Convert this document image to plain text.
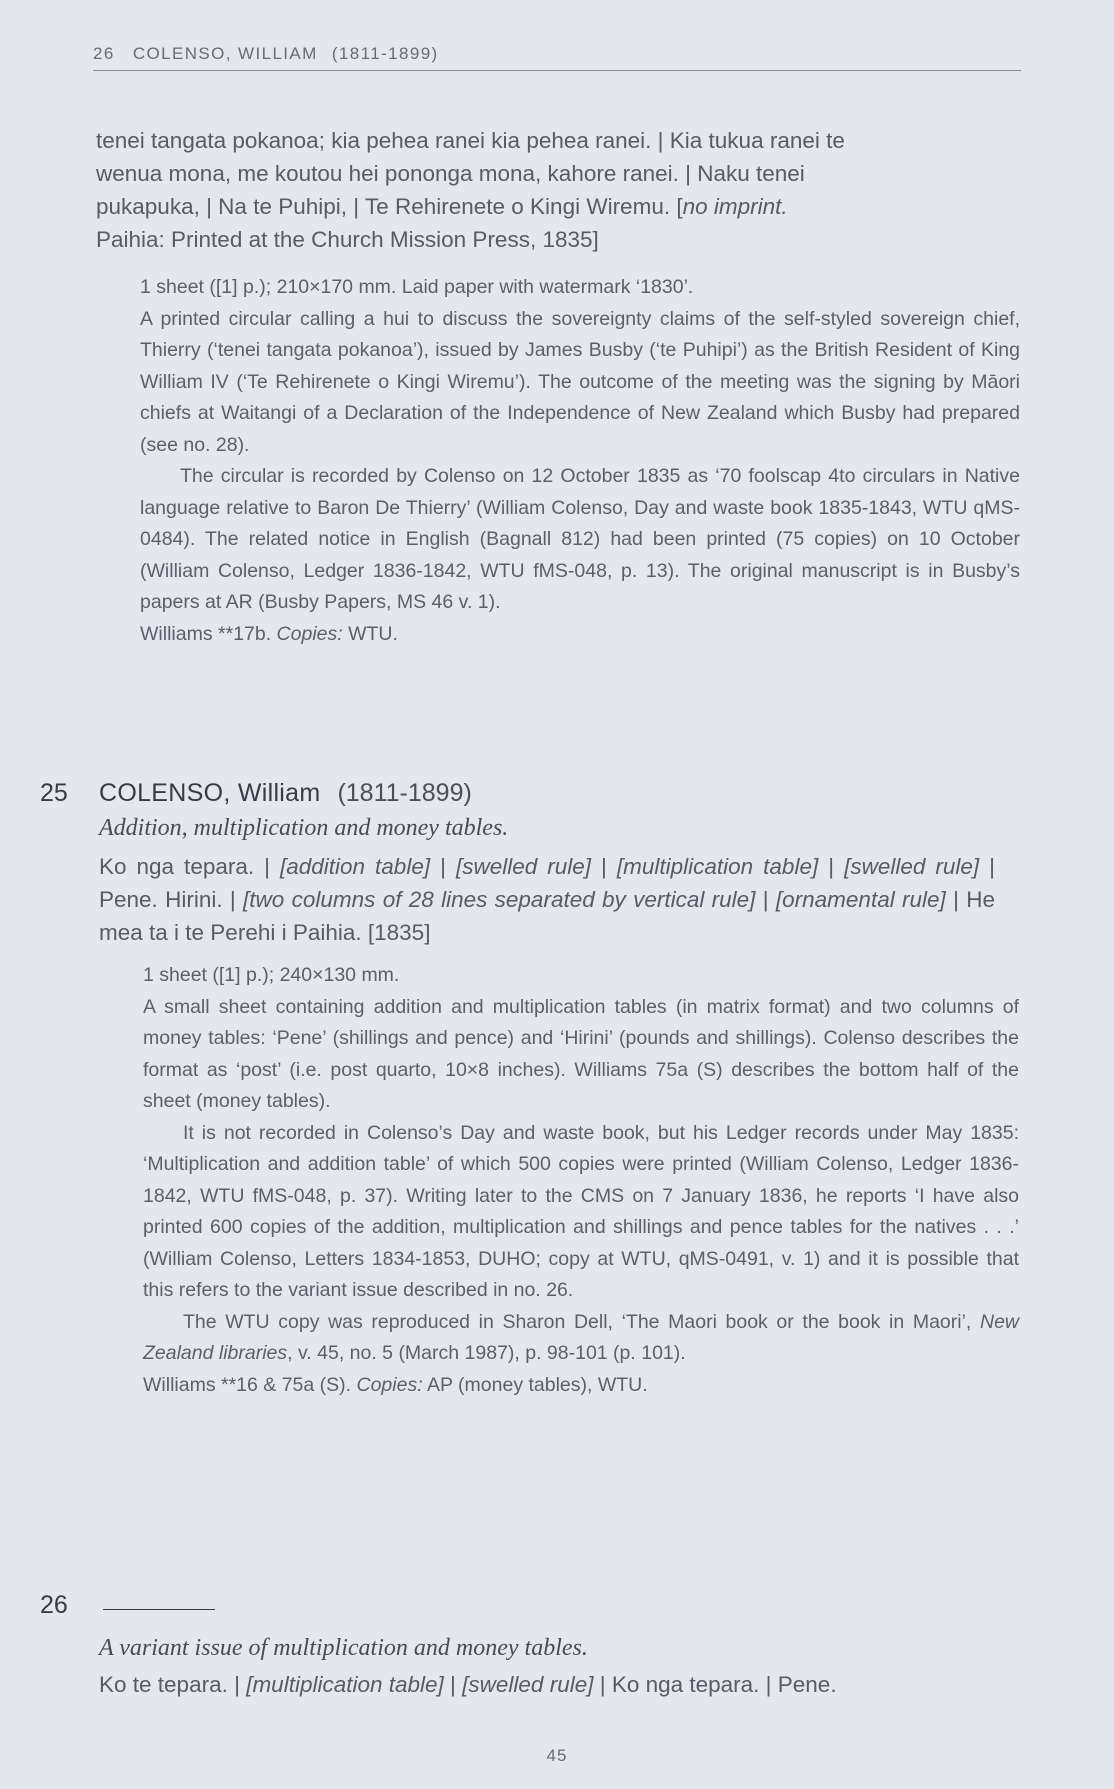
26 COLENSO, WILLIAM (1811-1899)
tenei tangata pokanoa; kia pehea ranei kia pehea ranei. | Kia tukua ranei te
wenua mona, me koutou hei pononga mona, kahore ranei. | Naku tenei
pukapuka, | Na te Puhipi, | Te Rehirenete o Kingi Wiremu. [no imprint.
Paihia: Printed at the Church Mission Press, 1835]

1 sheet ([1] p.); 210×170 mm. Laid paper with watermark ‘1830’.

A printed circular calling a hui to discuss the sovereignty claims of the self-styled sovereign chief, Thierry (‘tenei tangata pokanoa’), issued by James Busby (‘te Puhipi’) as the British Resident of King William IV (‘Te Rehirenete o Kingi Wiremu’). The outcome of the meeting was the signing by Māori chiefs at Waitangi of a Declaration of the Independence of New Zealand which Busby had prepared (see no. 28).

The circular is recorded by Colenso on 12 October 1835 as ‘70 foolscap 4to circulars in Native language relative to Baron De Thierry’ (William Colenso, Day and waste book 1835-1843, WTU qMS-0484). The related notice in English (Bagnall 812) had been printed (75 copies) on 10 October (William Colenso, Ledger 1836-1842, WTU fMS-048, p. 13). The original manuscript is in Busby’s papers at AR (Busby Papers, MS 46 v. 1).

Williams **17b. Copies: WTU.

25 COLENSO, William (1811-1899)
Addition, multiplication and money tables.
Ko nga tepara. | [addition table] | [swelled rule] | [multiplication table] | [swelled rule] | Pene. Hirini. | [two columns of 28 lines separated by vertical rule] | [ornamental rule] | He mea ta i te Perehi i Paihia. [1835]

1 sheet ([1] p.); 240×130 mm.

A small sheet containing addition and multiplication tables (in matrix format) and two columns of money tables: ‘Pene’ (shillings and pence) and ‘Hirini’ (pounds and shillings). Colenso describes the format as ‘post’ (i.e. post quarto, 10×8 inches). Williams 75a (S) describes the bottom half of the sheet (money tables).

It is not recorded in Colenso’s Day and waste book, but his Ledger records under May 1835: ‘Multiplication and addition table’ of which 500 copies were printed (William Colenso, Ledger 1836-1842, WTU fMS-048, p. 37). Writing later to the CMS on 7 January 1836, he reports ‘I have also printed 600 copies of the addition, multiplication and shillings and pence tables for the natives . . .’ (William Colenso, Letters 1834-1853, DUHO; copy at WTU, qMS-0491, v. 1) and it is possible that this refers to the variant issue described in no. 26.

The WTU copy was reproduced in Sharon Dell, ‘The Maori book or the book in Maori’, New Zealand libraries, v. 45, no. 5 (March 1987), p. 98-101 (p. 101).

Williams **16 & 75a (S). Copies: AP (money tables), WTU.

26
A variant issue of multiplication and money tables.
Ko te tepara. | [multiplication table] | [swelled rule] | Ko nga tepara. | Pene.
45
